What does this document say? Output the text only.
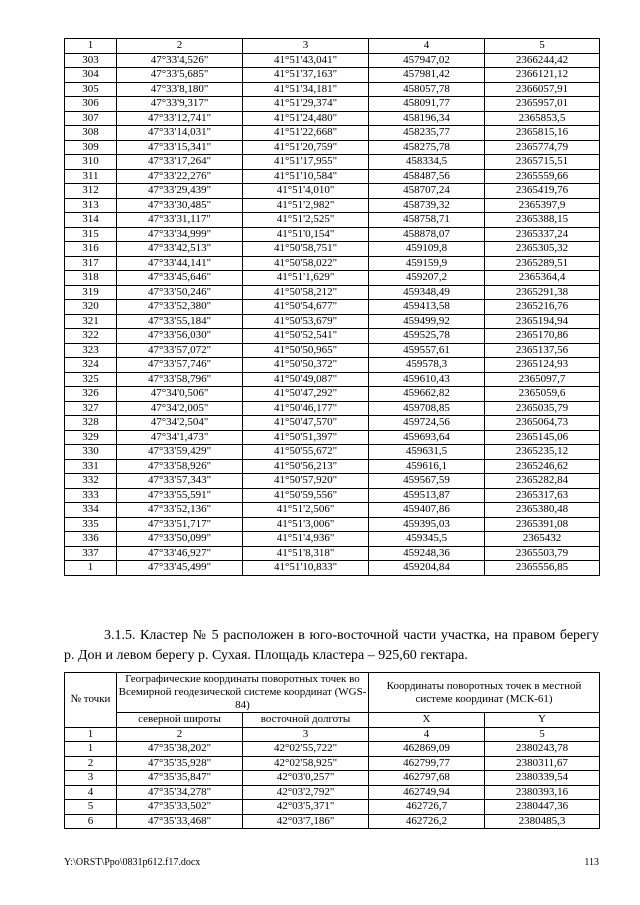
1	2	3	4	5
303	47°33'4,526"	41°51'43,041"	457947,02	2366244,42
304	47°33'5,685"	41°51'37,163"	457981,42	2366121,12
305	47°33'8,180"	41°51'34,181"	458057,78	2366057,91
306	47°33'9,317"	41°51'29,374"	458091,77	2365957,01
307	47°33'12,741"	41°51'24,480"	458196,34	2365853,5
308	47°33'14,031"	41°51'22,668"	458235,77	2365815,16
309	47°33'15,341"	41°51'20,759"	458275,78	2365774,79
310	47°33'17,264"	41°51'17,955"	458334,5	2365715,51
311	47°33'22,276"	41°51'10,584"	458487,56	2365559,66
312	47°33'29,439"	41°51'4,010"	458707,24	2365419,76
313	47°33'30,485"	41°51'2,982"	458739,32	2365397,9
314	47°33'31,117"	41°51'2,525"	458758,71	2365388,15
315	47°33'34,999"	41°51'0,154"	458878,07	2365337,24
316	47°33'42,513"	41°50'58,751"	459109,8	2365305,32
317	47°33'44,141"	41°50'58,022"	459159,9	2365289,51
318	47°33'45,646"	41°51'1,629"	459207,2	2365364,4
319	47°33'50,246"	41°50'58,212"	459348,49	2365291,38
320	47°33'52,380"	41°50'54,677"	459413,58	2365216,76
321	47°33'55,184"	41°50'53,679"	459499,92	2365194,94
322	47°33'56,030"	41°50'52,541"	459525,78	2365170,86
323	47°33'57,072"	41°50'50,965"	459557,61	2365137,56
324	47°33'57,746"	41°50'50,372"	459578,3	2365124,93
325	47°33'58,796"	41°50'49,087"	459610,43	2365097,7
326	47°34'0,506"	41°50'47,292"	459662,82	2365059,6
327	47°34'2,005"	41°50'46,177"	459708,85	2365035,79
328	47°34'2,504"	41°50'47,570"	459724,56	2365064,73
329	47°34'1,473"	41°50'51,397"	459693,64	2365145,06
330	47°33'59,429"	41°50'55,672"	459631,5	2365235,12
331	47°33'58,926"	41°50'56,213"	459616,1	2365246,62
332	47°33'57,343"	41°50'57,920"	459567,59	2365282,84
333	47°33'55,591"	41°50'59,556"	459513,87	2365317,63
334	47°33'52,136"	41°51'2,506"	459407,86	2365380,48
335	47°33'51,717"	41°51'3,006"	459395,03	2365391,08
336	47°33'50,099"	41°51'4,936"	459345,5	2365432
337	47°33'46,927"	41°51'8,318"	459248,36	2365503,79
1	47°33'45,499"	41°51'10,833"	459204,84	2365556,85

3.1.5. Кластер № 5 расположен в юго-восточной части участка, на правом берегу р. Дон и левом берегу р. Сухая. Площадь кластера – 925,60 гектара.

№ точки	Географические координаты поворотных точек во Всемирной геодезической системе координат (WGS-84)		Координаты поворотных точек в местной системе координат (МСК-61)	
	северной широты	восточной долготы	X	Y
1	2	3	4	5
1	47°35'38,202"	42°02'55,722"	462869,09	2380243,78
2	47°35'35,928"	42°02'58,925"	462799,77	2380311,67
3	47°35'35,847"	42°03'0,257"	462797,68	2380339,54
4	47°35'34,278"	42°03'2,792"	462749,94	2380393,16
5	47°35'33,502"	42°03'5,371"	462726,7	2380447,36
6	47°35'33,468"	42°03'7,186"	462726,2	2380485,3
Y:\ORST\Ppo\0831p612.f17.docx	113
